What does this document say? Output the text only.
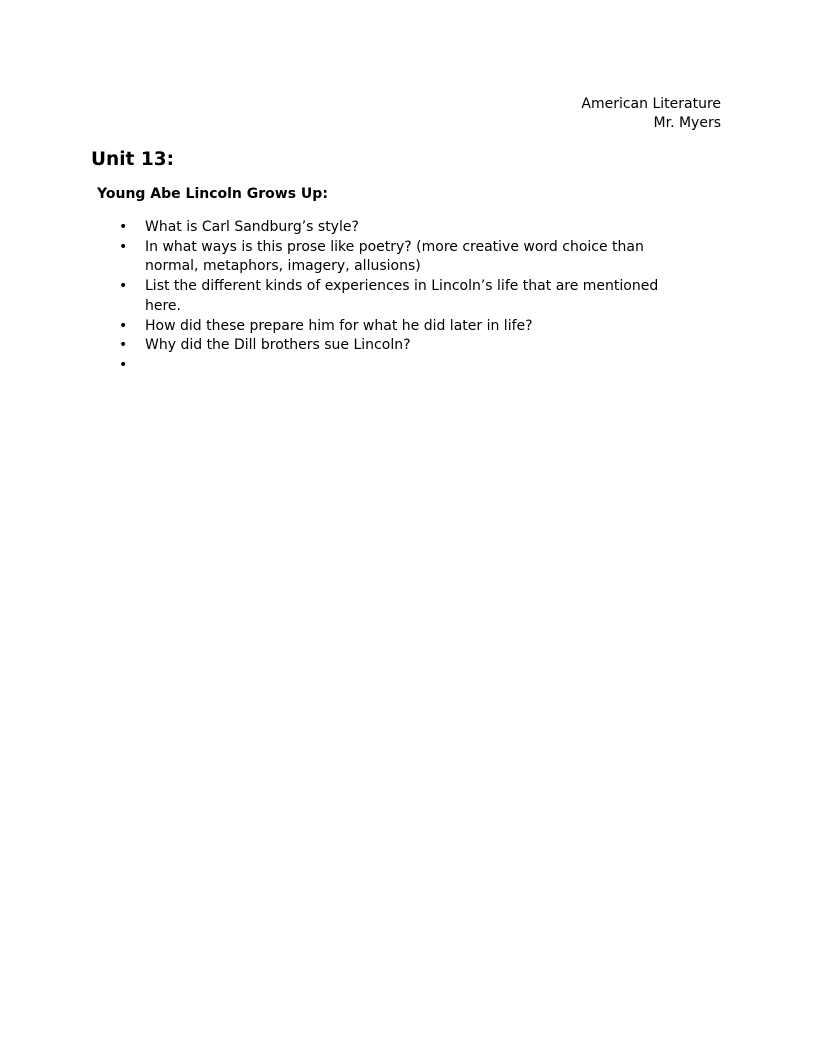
American Literature
Mr. Myers
Unit 13:
Young Abe Lincoln Grows Up:
• What is Carl Sandburg’s style?
• In what ways is this prose like poetry? (more creative word choice than normal, metaphors, imagery, allusions)
• List the different kinds of experiences in Lincoln’s life that are mentioned here.
• How did these prepare him for what he did later in life?
• Why did the Dill brothers sue Lincoln?
•
